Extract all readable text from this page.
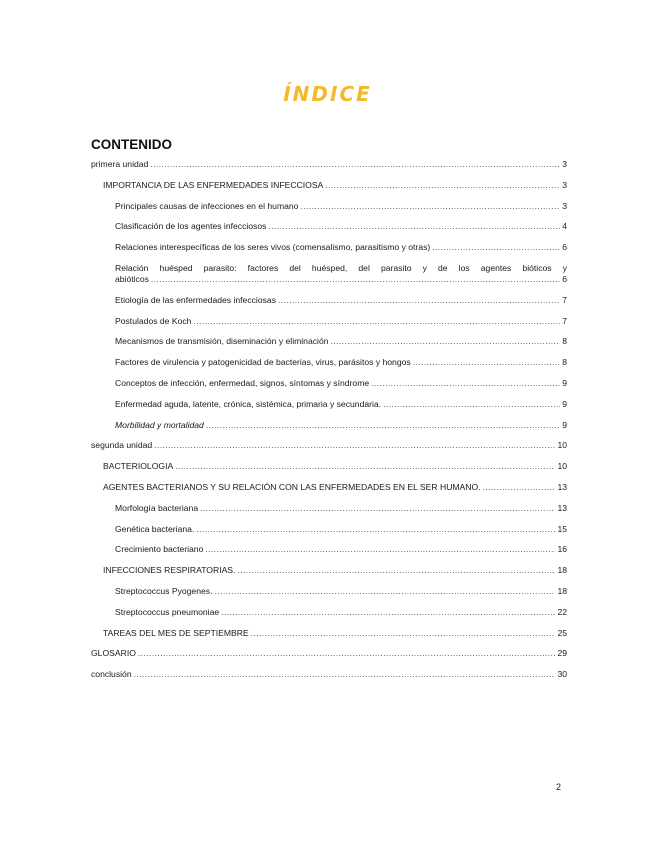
ÍNDICE
CONTENIDO
primera unidad .....	3
IMPORTANCIA DE LAS ENFERMEDADES INFECCIOSA .....	3
Principales causas de infecciones en el humano .....	3
Clasificación de los agentes infecciosos .....	4
Relaciones interespecíficas de los seres vivos (comensalismo, parasitismo y otras) .....	6
Relación huésped parasito: factores del huésped, del parasito y de los agentes bióticos y
abióticos .....	6
Etiología de las enfermedades infecciosas .....	7
Postulados de Koch .....	7
Mecanismos de transmisión, diseminación y eliminación .....	8
Factores de virulencia y patogenicidad de bacterias, virus, parásitos y hongos .....	8
Conceptos de infección, enfermedad, signos, síntomas y síndrome .....	9
Enfermedad aguda, latente, crónica, sistémica, primaria y secundaria. .....	9
Morbilidad y mortalidad .....	9
segunda unidad .....	10
BACTERIOLOGIA .....	10
AGENTES BACTERIANOS Y SU RELACIÓN CON LAS ENFERMEDADES EN EL SER HUMANO. .....	13
Morfología bacteriana .....	13
Genética bacteriana. .....	15
Crecimiento bacteriano .....	16
INFECCIONES RESPIRATORIAS. .....	18
Streptococcus Pyogenes. .....	18
Streptococcus pneumoniae .....	22
TAREAS DEL MES DE SEPTIEMBRE .....	25
GLOSARIO .....	29
conclusión .....	30
2
